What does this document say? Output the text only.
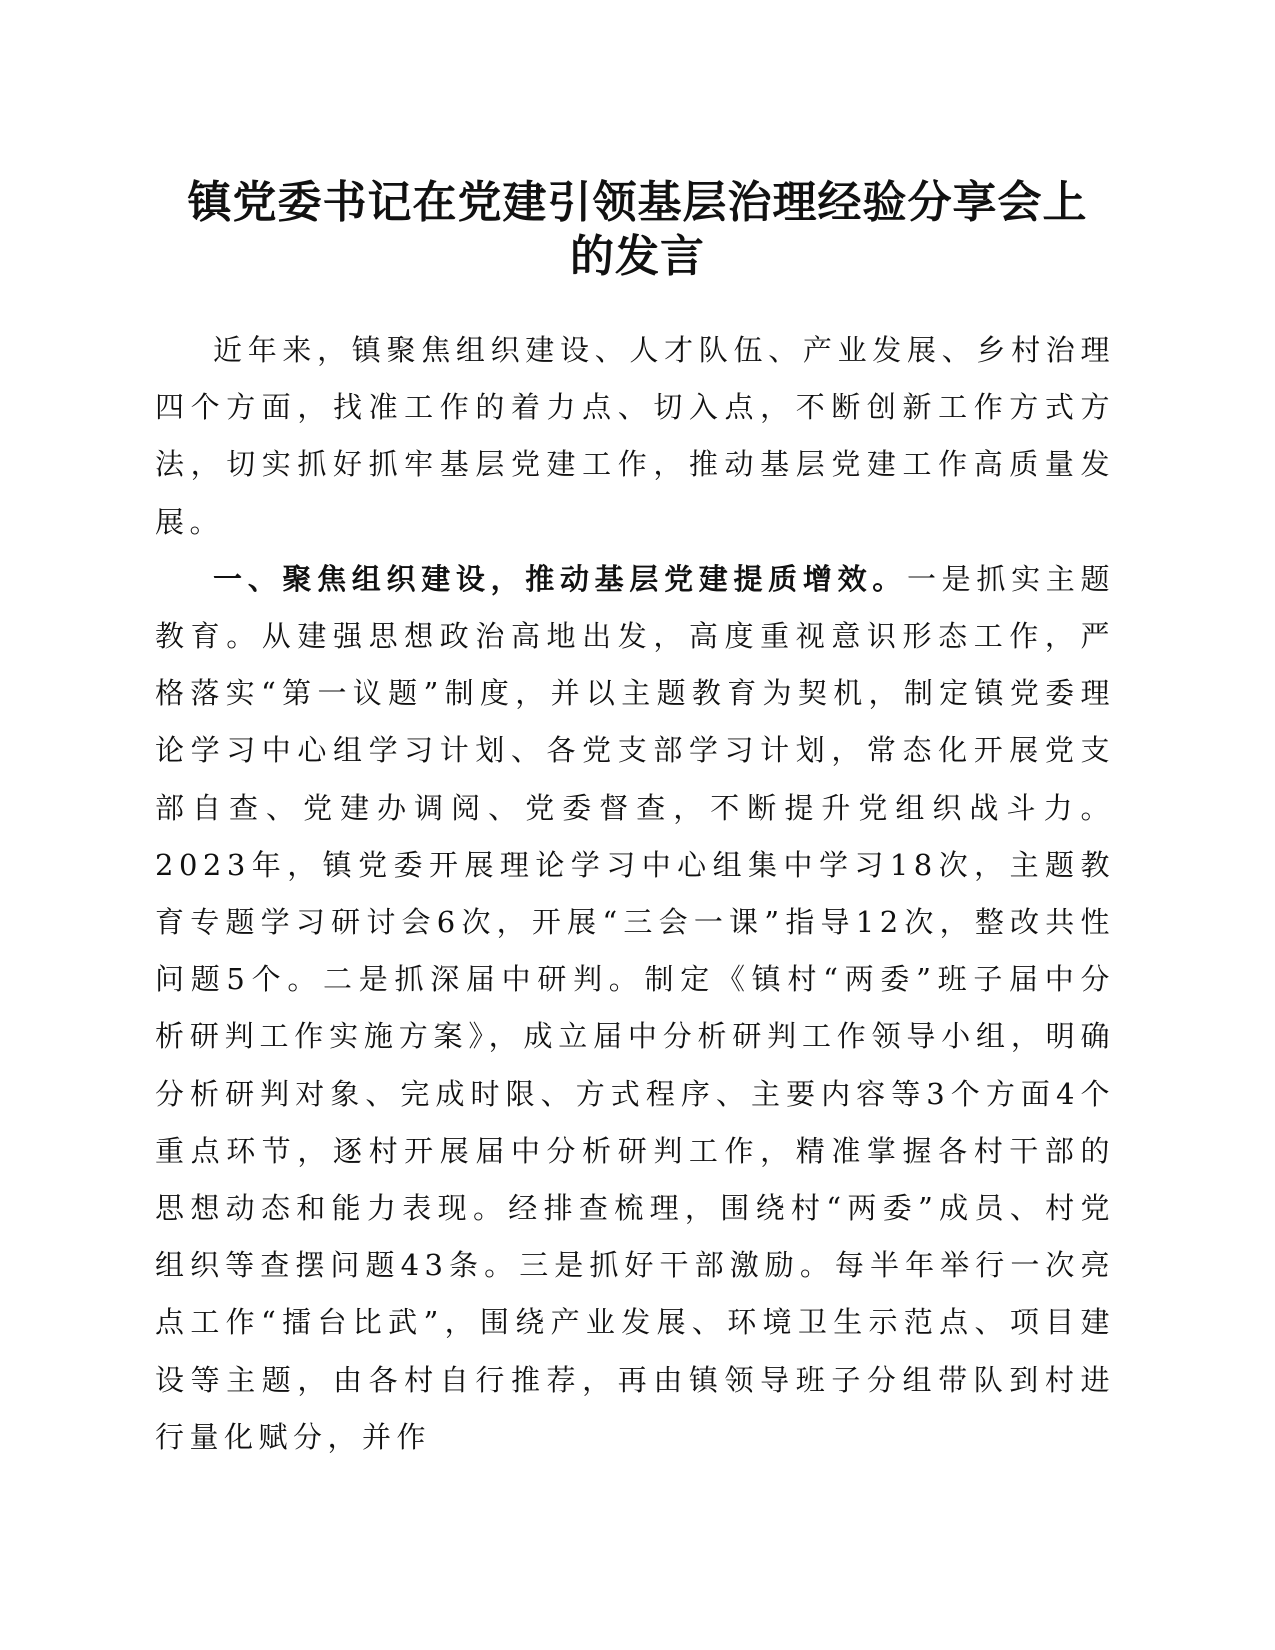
镇党委书记在党建引领基层治理经验分享会上
的发言

近年来，镇聚焦组织建设、人才队伍、产业发展、乡村治理四个方面，找准工作的着力点、切入点，不断创新工作方式方法，切实抓好抓牢基层党建工作，推动基层党建工作高质量发展。

一、聚焦组织建设，推动基层党建提质增效。一是抓实主题教育。从建强思想政治高地出发，高度重视意识形态工作，严格落实“第一议题”制度，并以主题教育为契机，制定镇党委理论学习中心组学习计划、各党支部学习计划，常态化开展党支部自查、党建办调阅、党委督查，不断提升党组织战斗力。2023年，镇党委开展理论学习中心组集中学习18次，主题教育专题学习研讨会6次，开展“三会一课”指导12次，整改共性问题5个。二是抓深届中研判。制定《镇村“两委”班子届中分析研判工作实施方案》，成立届中分析研判工作领导小组，明确分析研判对象、完成时限、方式程序、主要内容等3个方面4个重点环节，逐村开展届中分析研判工作，精准掌握各村干部的思想动态和能力表现。经排查梳理，围绕村“两委”成员、村党组织等查摆问题43条。三是抓好干部激励。每半年举行一次亮点工作“擂台比武”，围绕产业发展、环境卫生示范点、项目建设等主题，由各村自行推荐，再由镇领导班子分组带队到村进行量化赋分，并作
